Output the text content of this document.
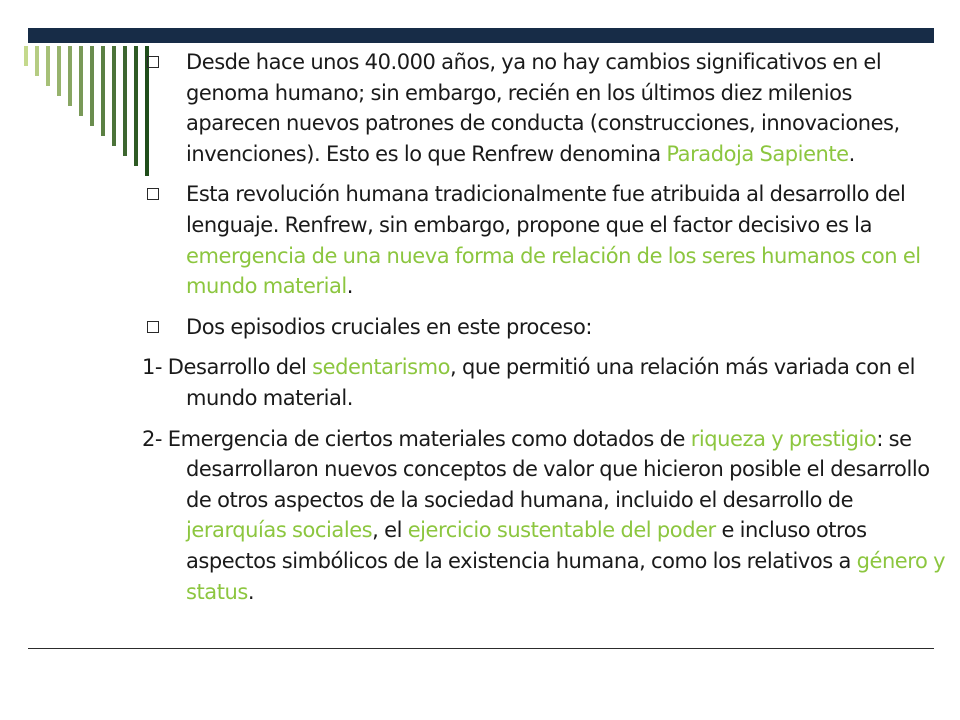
Desde hace unos 40.000 años, ya no hay cambios significativos en el genoma humano; sin embargo, recién en los últimos diez milenios aparecen nuevos patrones de conducta (construcciones, innovaciones, invenciones). Esto es lo que Renfrew denomina Paradoja Sapiente.

Esta revolución humana tradicionalmente fue atribuida al desarrollo del lenguaje. Renfrew, sin embargo, propone que el factor decisivo es la emergencia de una nueva forma de relación de los seres humanos con el mundo material.

Dos episodios cruciales en este proceso:

1- Desarrollo del sedentarismo, que permitió una relación más variada con el mundo material.

2- Emergencia de ciertos materiales como dotados de riqueza y prestigio: se desarrollaron nuevos conceptos de valor que hicieron posible el desarrollo de otros aspectos de la sociedad humana, incluido el desarrollo de jerarquías sociales, el ejercicio sustentable del poder e incluso otros aspectos simbólicos de la existencia humana, como los relativos a género y status.
